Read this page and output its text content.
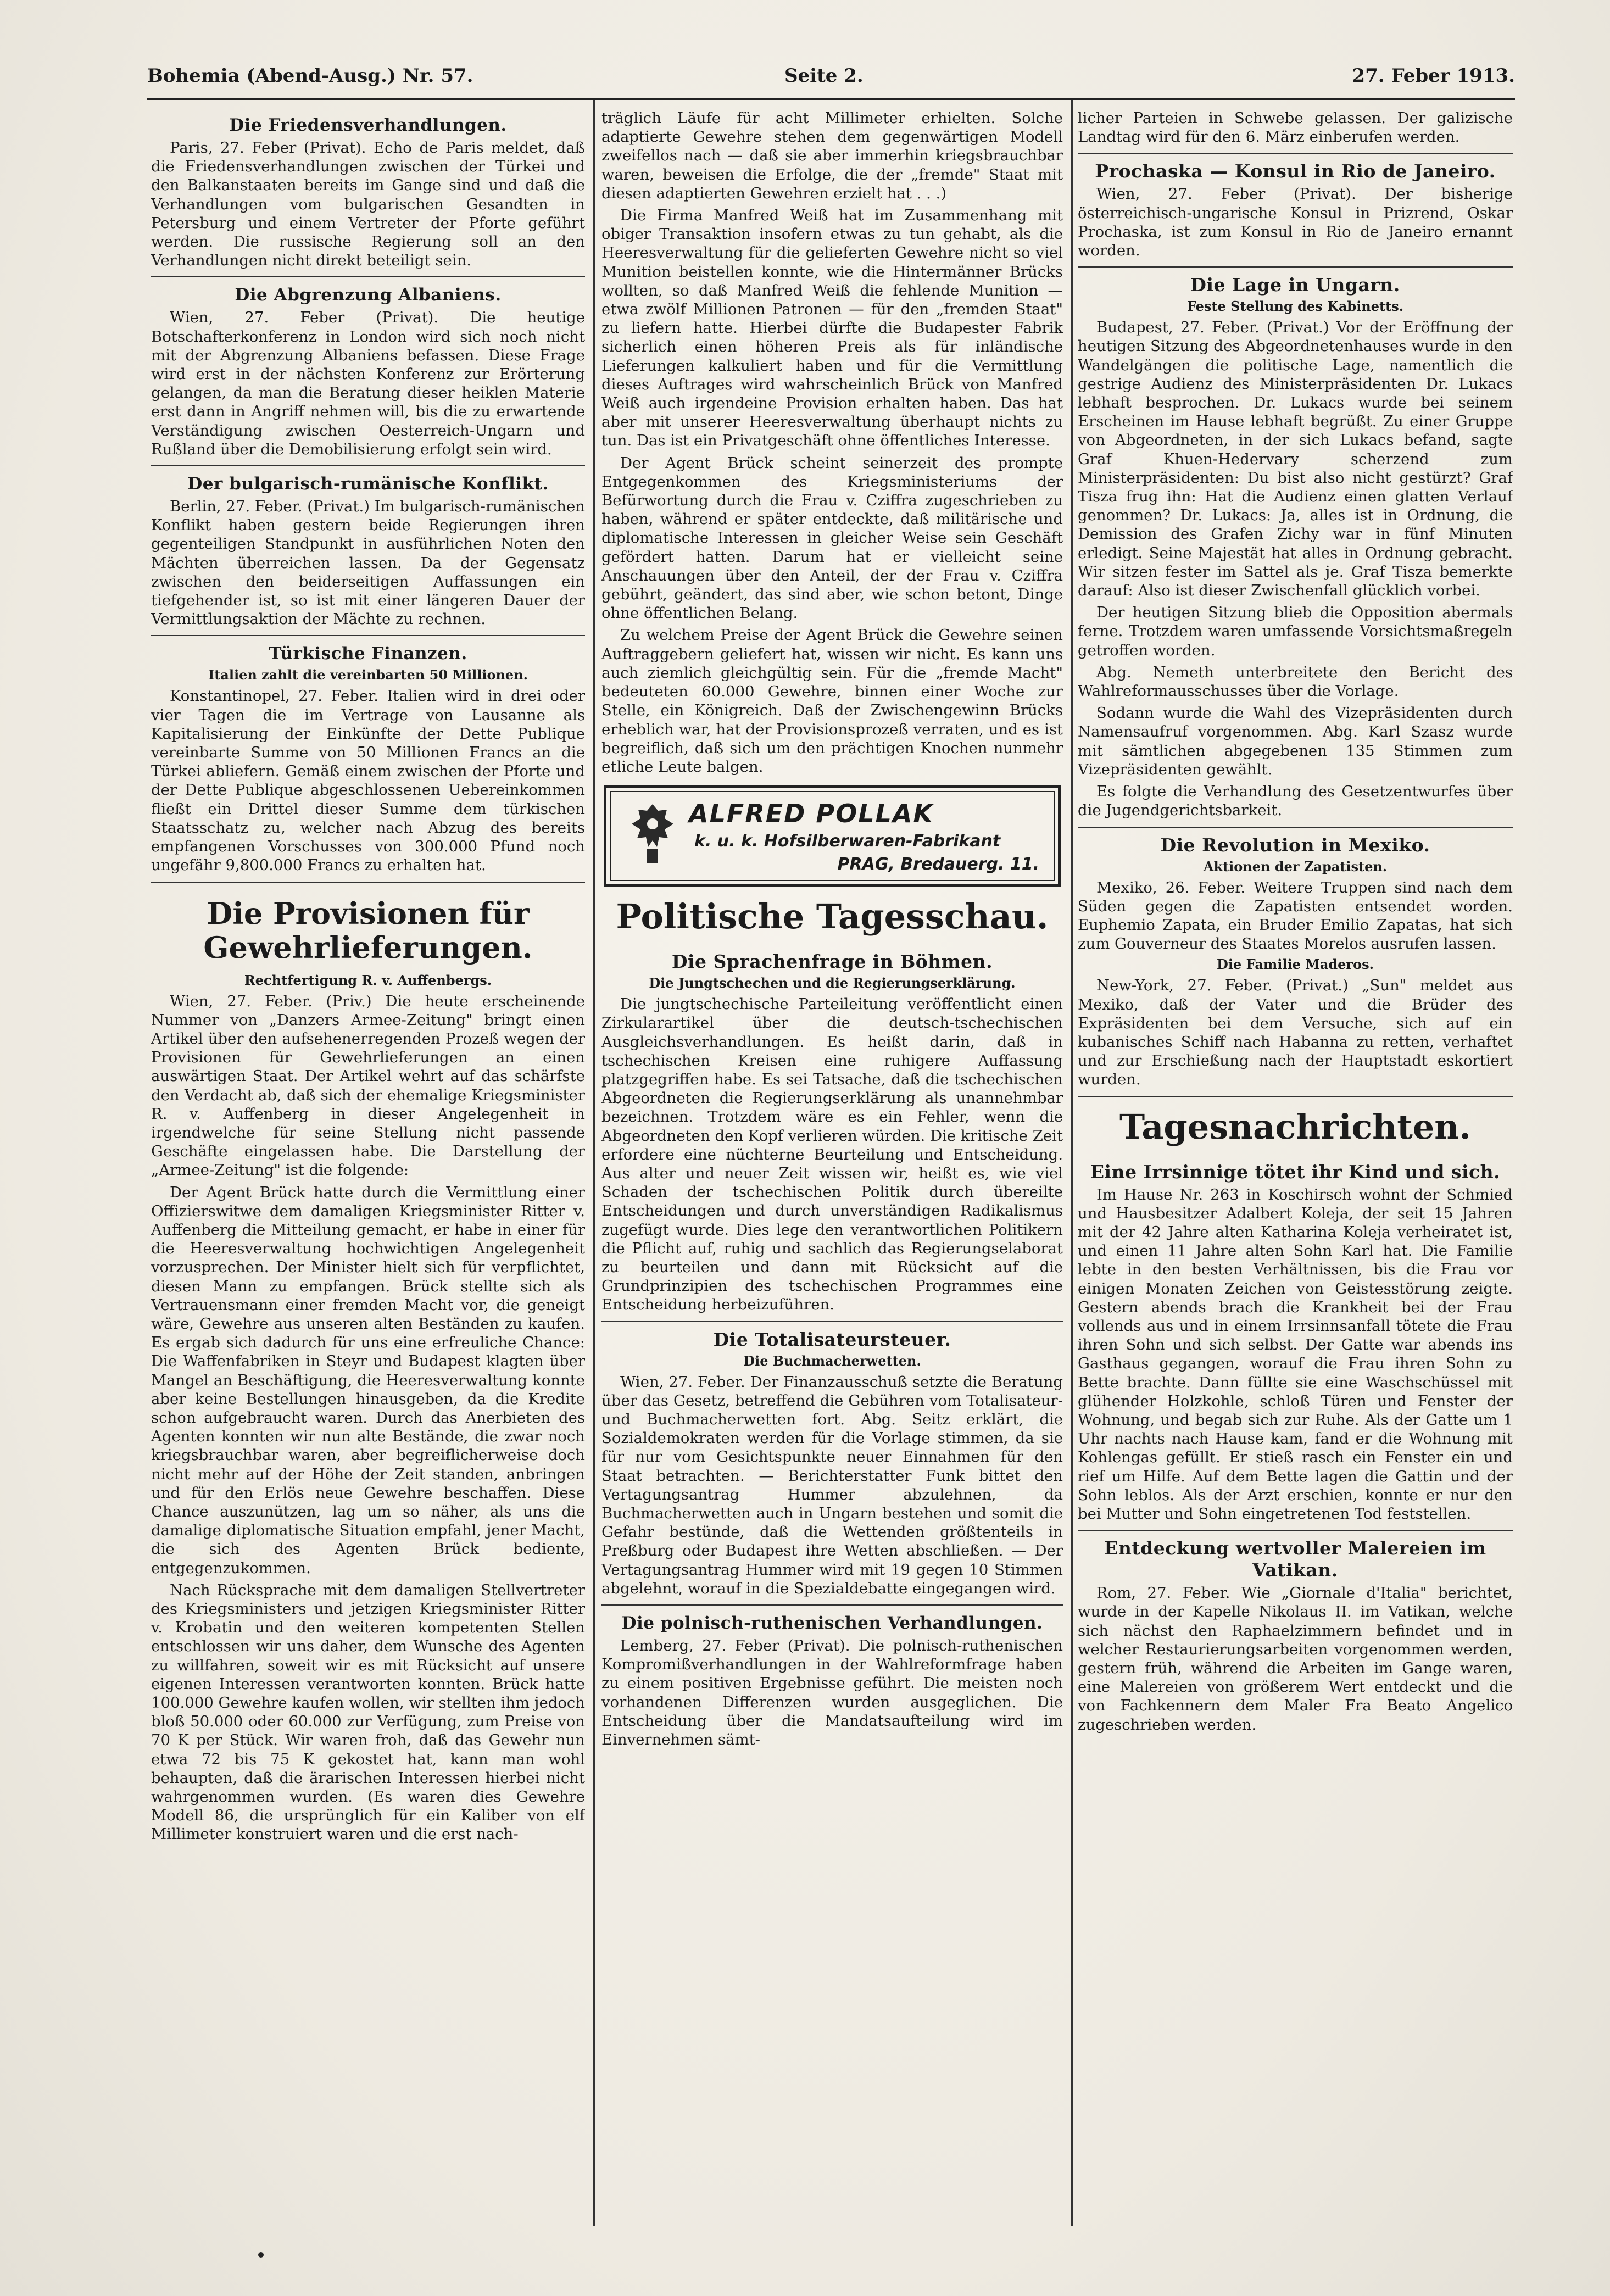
Bohemia (Abend-Ausg.) Nr. 57.	Seite 2.	27. Feber 1913.
Die Friedensverhandlungen.

Paris, 27. Feber (Privat). Echo de Paris meldet, daß die Friedensverhandlungen zwischen der Türkei und den Balkanstaaten bereits im Gange sind und daß die Verhandlungen vom bulgarischen Gesandten in Petersburg und einem Vertreter der Pforte geführt werden. Die russische Regierung soll an den Verhandlungen nicht direkt beteiligt sein.

Die Abgrenzung Albaniens.

Wien, 27. Feber (Privat). Die heutige Botschafterkonferenz in London wird sich noch nicht mit der Abgrenzung Albaniens befassen. Diese Frage wird erst in der nächsten Konferenz zur Erörterung gelangen, da man die Beratung dieser heiklen Materie erst dann in Angriff nehmen will, bis die zu erwartende Verständigung zwischen Oesterreich-Ungarn und Rußland über die Demobilisierung erfolgt sein wird.

Der bulgarisch-rumänische Konflikt.

Berlin, 27. Feber. (Privat.) Im bulgarisch-rumänischen Konflikt haben gestern beide Regierungen ihren gegenteiligen Standpunkt in ausführlichen Noten den Mächten überreichen lassen. Da der Gegensatz zwischen den beiderseitigen Auffassungen ein tiefgehender ist, so ist mit einer längeren Dauer der Vermittlungsaktion der Mächte zu rechnen.

Türkische Finanzen.
Italien zahlt die vereinbarten 50 Millionen.

Konstantinopel, 27. Feber. Italien wird in drei oder vier Tagen die im Vertrage von Lausanne als Kapitalisierung der Einkünfte der Dette Publique vereinbarte Summe von 50 Millionen Francs an die Türkei abliefern. Gemäß einem zwischen der Pforte und der Dette Publique abgeschlossenen Uebereinkommen fließt ein Drittel dieser Summe dem türkischen Staatsschatz zu, welcher nach Abzug des bereits empfangenen Vorschusses von 300.000 Pfund noch ungefähr 9,800.000 Francs zu erhalten hat.

Die Provisionen für Gewehrlieferungen.
Rechtfertigung R. v. Auffenbergs.

Wien, 27. Feber. (Priv.) Die heute erscheinende Nummer von „Danzers Armee-Zeitung" bringt einen Artikel über den aufsehenerregenden Prozeß wegen der Provisionen für Gewehrlieferungen an einen auswärtigen Staat. Der Artikel wehrt auf das schärfste den Verdacht ab, daß sich der ehemalige Kriegsminister R. v. Auffenberg in dieser Angelegenheit in irgendwelche für seine Stellung nicht passende Geschäfte eingelassen habe. Die Darstellung der „Armee-Zeitung" ist die folgende:

Der Agent Brück hatte durch die Vermittlung einer Offizierswitwe dem damaligen Kriegsminister Ritter v. Auffenberg die Mitteilung gemacht, er habe in einer für die Heeresverwaltung hochwichtigen Angelegenheit vorzusprechen. Der Minister hielt sich für verpflichtet, diesen Mann zu empfangen. Brück stellte sich als Vertrauensmann einer fremden Macht vor, die geneigt wäre, Gewehre aus unseren alten Beständen zu kaufen. Es ergab sich dadurch für uns eine erfreuliche Chance: Die Waffenfabriken in Steyr und Budapest klagten über Mangel an Beschäftigung, die Heeresverwaltung konnte aber keine Bestellungen hinausgeben, da die Kredite schon aufgebraucht waren. Durch das Anerbieten des Agenten konnten wir nun alte Bestände, die zwar noch kriegsbrauchbar waren, aber begreiflicherweise doch nicht mehr auf der Höhe der Zeit standen, anbringen und für den Erlös neue Gewehre beschaffen. Diese Chance auszunützen, lag um so näher, als uns die damalige diplomatische Situation empfahl, jener Macht, die sich des Agenten Brück bediente, entgegenzukommen.

Nach Rücksprache mit dem damaligen Stellvertreter des Kriegsministers und jetzigen Kriegsminister Ritter v. Krobatin und den weiteren kompetenten Stellen entschlossen wir uns daher, dem Wunsche des Agenten zu willfahren, soweit wir es mit Rücksicht auf unsere eigenen Interessen verantworten konnten. Brück hatte 100.000 Gewehre kaufen wollen, wir stellten ihm jedoch bloß 50.000 oder 60.000 zur Verfügung, zum Preise von 70 K per Stück. Wir waren froh, daß das Gewehr nun etwa 72 bis 75 K gekostet hat, kann man wohl behaupten, daß die ärarischen Interessen hierbei nicht wahrgenommen wurden. (Es waren dies Gewehre Modell 86, die ursprünglich für ein Kaliber von elf Millimeter konstruiert waren und die erst nach-

träglich Läufe für acht Millimeter erhielten. Solche adaptierte Gewehre stehen dem gegenwärtigen Modell zweifellos nach — daß sie aber immerhin kriegsbrauchbar waren, beweisen die Erfolge, die der „fremde" Staat mit diesen adaptierten Gewehren erzielt hat . . .)

Die Firma Manfred Weiß hat im Zusammenhang mit obiger Transaktion insofern etwas zu tun gehabt, als die Heeresverwaltung für die gelieferten Gewehre nicht so viel Munition beistellen konnte, wie die Hintermänner Brücks wollten, so daß Manfred Weiß die fehlende Munition — etwa zwölf Millionen Patronen — für den „fremden Staat" zu liefern hatte. Hierbei dürfte die Budapester Fabrik sicherlich einen höheren Preis als für inländische Lieferungen kalkuliert haben und für die Vermittlung dieses Auftrages wird wahrscheinlich Brück von Manfred Weiß auch irgendeine Provision erhalten haben. Das hat aber mit unserer Heeresverwaltung überhaupt nichts zu tun. Das ist ein Privatgeschäft ohne öffentliches Interesse.

Der Agent Brück scheint seinerzeit des prompte Entgegenkommen des Kriegsministeriums der Befürwortung durch die Frau v. Cziffra zugeschrieben zu haben, während er später entdeckte, daß militärische und diplomatische Interessen in gleicher Weise sein Geschäft gefördert hatten. Darum hat er vielleicht seine Anschauungen über den Anteil, der der Frau v. Cziffra gebührt, geändert, das sind aber, wie schon betont, Dinge ohne öffentlichen Belang.

Zu welchem Preise der Agent Brück die Gewehre seinen Auftraggebern geliefert hat, wissen wir nicht. Es kann uns auch ziemlich gleichgültig sein. Für die „fremde Macht" bedeuteten 60.000 Gewehre, binnen einer Woche zur Stelle, ein Königreich. Daß der Zwischengewinn Brücks erheblich war, hat der Provisionsprozeß verraten, und es ist begreiflich, daß sich um den prächtigen Knochen nunmehr etliche Leute balgen.

ALFRED POLLAK
k. u. k. Hofsilberwaren-Fabrikant
PRAG, Bredauerg. 11.
Politische Tagesschau.
Die Sprachenfrage in Böhmen.
Die Jungtschechen und die Regierungserklärung.

Die jungtschechische Parteileitung veröffentlicht einen Zirkularartikel über die deutsch-tschechischen Ausgleichsverhandlungen. Es heißt darin, daß in tschechischen Kreisen eine ruhigere Auffassung platzgegriffen habe. Es sei Tatsache, daß die tschechischen Abgeordneten die Regierungserklärung als unannehmbar bezeichnen. Trotzdem wäre es ein Fehler, wenn die Abgeordneten den Kopf verlieren würden. Die kritische Zeit erfordere eine nüchterne Beurteilung und Entscheidung. Aus alter und neuer Zeit wissen wir, heißt es, wie viel Schaden der tschechischen Politik durch übereilte Entscheidungen und durch unverständigen Radikalismus zugefügt wurde. Dies lege den verantwortlichen Politikern die Pflicht auf, ruhig und sachlich das Regierungselaborat zu beurteilen und dann mit Rücksicht auf die Grundprinzipien des tschechischen Programmes eine Entscheidung herbeizuführen.

Die Totalisateursteuer.
Die Buchmacherwetten.

Wien, 27. Feber. Der Finanzausschuß setzte die Beratung über das Gesetz, betreffend die Gebühren vom Totalisateur- und Buchmacherwetten fort. Abg. Seitz erklärt, die Sozialdemokraten werden für die Vorlage stimmen, da sie für nur vom Gesichtspunkte neuer Einnahmen für den Staat betrachten. — Berichterstatter Funk bittet den Vertagungsantrag Hummer abzulehnen, da Buchmacherwetten auch in Ungarn bestehen und somit die Gefahr bestünde, daß die Wettenden größtenteils in Preßburg oder Budapest ihre Wetten abschließen. — Der Vertagungsantrag Hummer wird mit 19 gegen 10 Stimmen abgelehnt, worauf in die Spezialdebatte eingegangen wird.

Die polnisch-ruthenischen Verhandlungen.

Lemberg, 27. Feber (Privat). Die polnisch-ruthenischen Kompromißverhandlungen in der Wahlreformfrage haben zu einem positiven Ergebnisse geführt. Die meisten noch vorhandenen Differenzen wurden ausgeglichen. Die Entscheidung über die Mandatsaufteilung wird im Einvernehmen sämt-

licher Parteien in Schwebe gelassen. Der galizische Landtag wird für den 6. März einberufen werden.

Prochaska — Konsul in Rio de Janeiro.

Wien, 27. Feber (Privat). Der bisherige österreichisch-ungarische Konsul in Prizrend, Oskar Prochaska, ist zum Konsul in Rio de Janeiro ernannt worden.

Die Lage in Ungarn.
Feste Stellung des Kabinetts.

Budapest, 27. Feber. (Privat.) Vor der Eröffnung der heutigen Sitzung des Abgeordnetenhauses wurde in den Wandelgängen die politische Lage, namentlich die gestrige Audienz des Ministerpräsidenten Dr. Lukacs lebhaft besprochen. Dr. Lukacs wurde bei seinem Erscheinen im Hause lebhaft begrüßt. Zu einer Gruppe von Abgeordneten, in der sich Lukacs befand, sagte Graf Khuen-Hedervary scherzend zum Ministerpräsidenten: Du bist also nicht gestürzt? Graf Tisza frug ihn: Hat die Audienz einen glatten Verlauf genommen? Dr. Lukacs: Ja, alles ist in Ordnung, die Demission des Grafen Zichy war in fünf Minuten erledigt. Seine Majestät hat alles in Ordnung gebracht. Wir sitzen fester im Sattel als je. Graf Tisza bemerkte darauf: Also ist dieser Zwischenfall glücklich vorbei.

Der heutigen Sitzung blieb die Opposition abermals ferne. Trotzdem waren umfassende Vorsichtsmaßregeln getroffen worden.

Abg. Nemeth unterbreitete den Bericht des Wahlreformausschusses über die Vorlage.

Sodann wurde die Wahl des Vizepräsidenten durch Namensaufruf vorgenommen. Abg. Karl Szasz wurde mit sämtlichen abgegebenen 135 Stimmen zum Vizepräsidenten gewählt.

Es folgte die Verhandlung des Gesetzentwurfes über die Jugendgerichtsbarkeit.

Die Revolution in Mexiko.
Aktionen der Zapatisten.

Mexiko, 26. Feber. Weitere Truppen sind nach dem Süden gegen die Zapatisten entsendet worden. Euphemio Zapata, ein Bruder Emilio Zapatas, hat sich zum Gouverneur des Staates Morelos ausrufen lassen.

Die Familie Maderos.

New-York, 27. Feber. (Privat.) „Sun" meldet aus Mexiko, daß der Vater und die Brüder des Expräsidenten bei dem Versuche, sich auf ein kubanisches Schiff nach Habanna zu retten, verhaftet und zur Erschießung nach der Hauptstadt eskortiert wurden.

Tagesnachrichten.
Eine Irrsinnige tötet ihr Kind und sich.

Im Hause Nr. 263 in Koschirsch wohnt der Schmied und Hausbesitzer Adalbert Koleja, der seit 15 Jahren mit der 42 Jahre alten Katharina Koleja verheiratet ist, und einen 11 Jahre alten Sohn Karl hat. Die Familie lebte in den besten Verhältnissen, bis die Frau vor einigen Monaten Zeichen von Geistesstörung zeigte. Gestern abends brach die Krankheit bei der Frau vollends aus und in einem Irrsinnsanfall tötete die Frau ihren Sohn und sich selbst. Der Gatte war abends ins Gasthaus gegangen, worauf die Frau ihren Sohn zu Bette brachte. Dann füllte sie eine Waschschüssel mit glühender Holzkohle, schloß Türen und Fenster der Wohnung, und begab sich zur Ruhe. Als der Gatte um 1 Uhr nachts nach Hause kam, fand er die Wohnung mit Kohlengas gefüllt. Er stieß rasch ein Fenster ein und rief um Hilfe. Auf dem Bette lagen die Gattin und der Sohn leblos. Als der Arzt erschien, konnte er nur den bei Mutter und Sohn eingetretenen Tod feststellen.

Entdeckung wertvoller Malereien im Vatikan.

Rom, 27. Feber. Wie „Giornale d'Italia" berichtet, wurde in der Kapelle Nikolaus II. im Vatikan, welche sich nächst den Raphaelzimmern befindet und in welcher Restaurierungsarbeiten vorgenommen werden, gestern früh, während die Arbeiten im Gange waren, eine Malereien von größerem Wert entdeckt und die von Fachkennern dem Maler Fra Beato Angelico zugeschrieben werden.
